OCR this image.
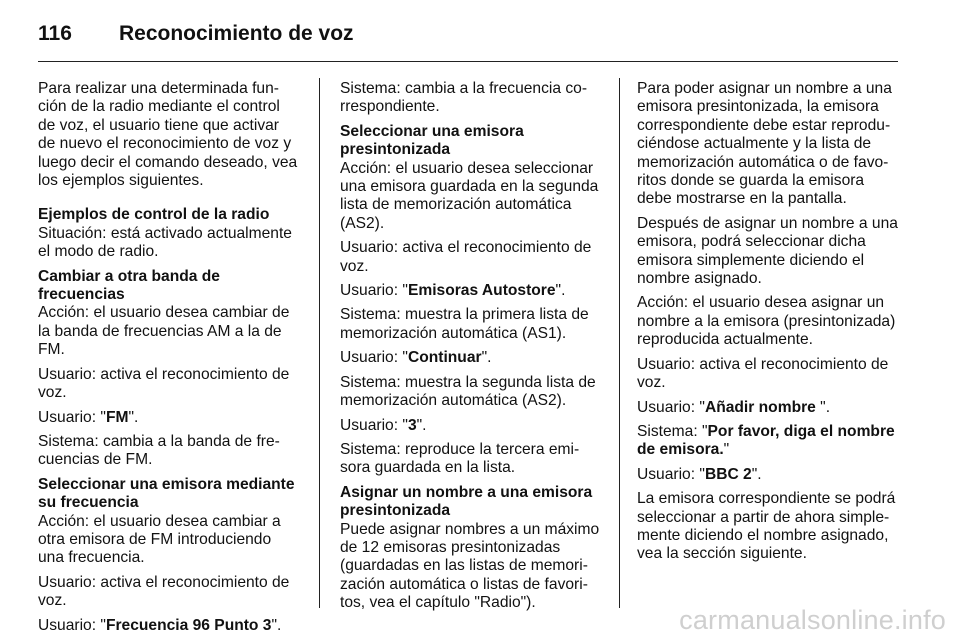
116 Reconocimiento de voz

Para realizar una determinada función de la radio mediante el control de voz, el usuario tiene que activar de nuevo el reconocimiento de voz y luego decir el comando deseado, vea los ejemplos siguientes.

Ejemplos de control de la radio

Situación: está activado actualmente el modo de radio.

Cambiar a otra banda de frecuencias

Acción: el usuario desea cambiar de la banda de frecuencias AM a la de FM.

Usuario: activa el reconocimiento de voz.

Usuario: "FM".

Sistema: cambia a la banda de frecuencias de FM.

Seleccionar una emisora mediante su frecuencia

Acción: el usuario desea cambiar a otra emisora de FM introduciendo una frecuencia.

Usuario: activa el reconocimiento de voz.

Usuario: "Frecuencia 96 Punto 3".

Sistema: cambia a la frecuencia correspondiente.

Seleccionar una emisora presintonizada

Acción: el usuario desea seleccionar una emisora guardada en la segunda lista de memorización automática (AS2).

Usuario: activa el reconocimiento de voz.

Usuario: "Emisoras Autostore".

Sistema: muestra la primera lista de memorización automática (AS1).

Usuario: "Continuar".

Sistema: muestra la segunda lista de memorización automática (AS2).

Usuario: "3".

Sistema: reproduce la tercera emisora guardada en la lista.

Asignar un nombre a una emisora presintonizada

Puede asignar nombres a un máximo de 12 emisoras presintonizadas (guardadas en las listas de memorización automática o listas de favoritos, vea el capítulo "Radio").

Para poder asignar un nombre a una emisora presintonizada, la emisora correspondiente debe estar reproduciéndose actualmente y la lista de memorización automática o de favoritos donde se guarda la emisora debe mostrarse en la pantalla.

Después de asignar un nombre a una emisora, podrá seleccionar dicha emisora simplemente diciendo el nombre asignado.

Acción: el usuario desea asignar un nombre a la emisora (presintonizada) reproducida actualmente.

Usuario: activa el reconocimiento de voz.

Usuario: "Añadir nombre ".

Sistema: "Por favor, diga el nombre de emisora."

Usuario: "BBC 2".

La emisora correspondiente se podrá seleccionar a partir de ahora simplemente diciendo el nombre asignado, vea la sección siguiente.

carmanualsonline.info
